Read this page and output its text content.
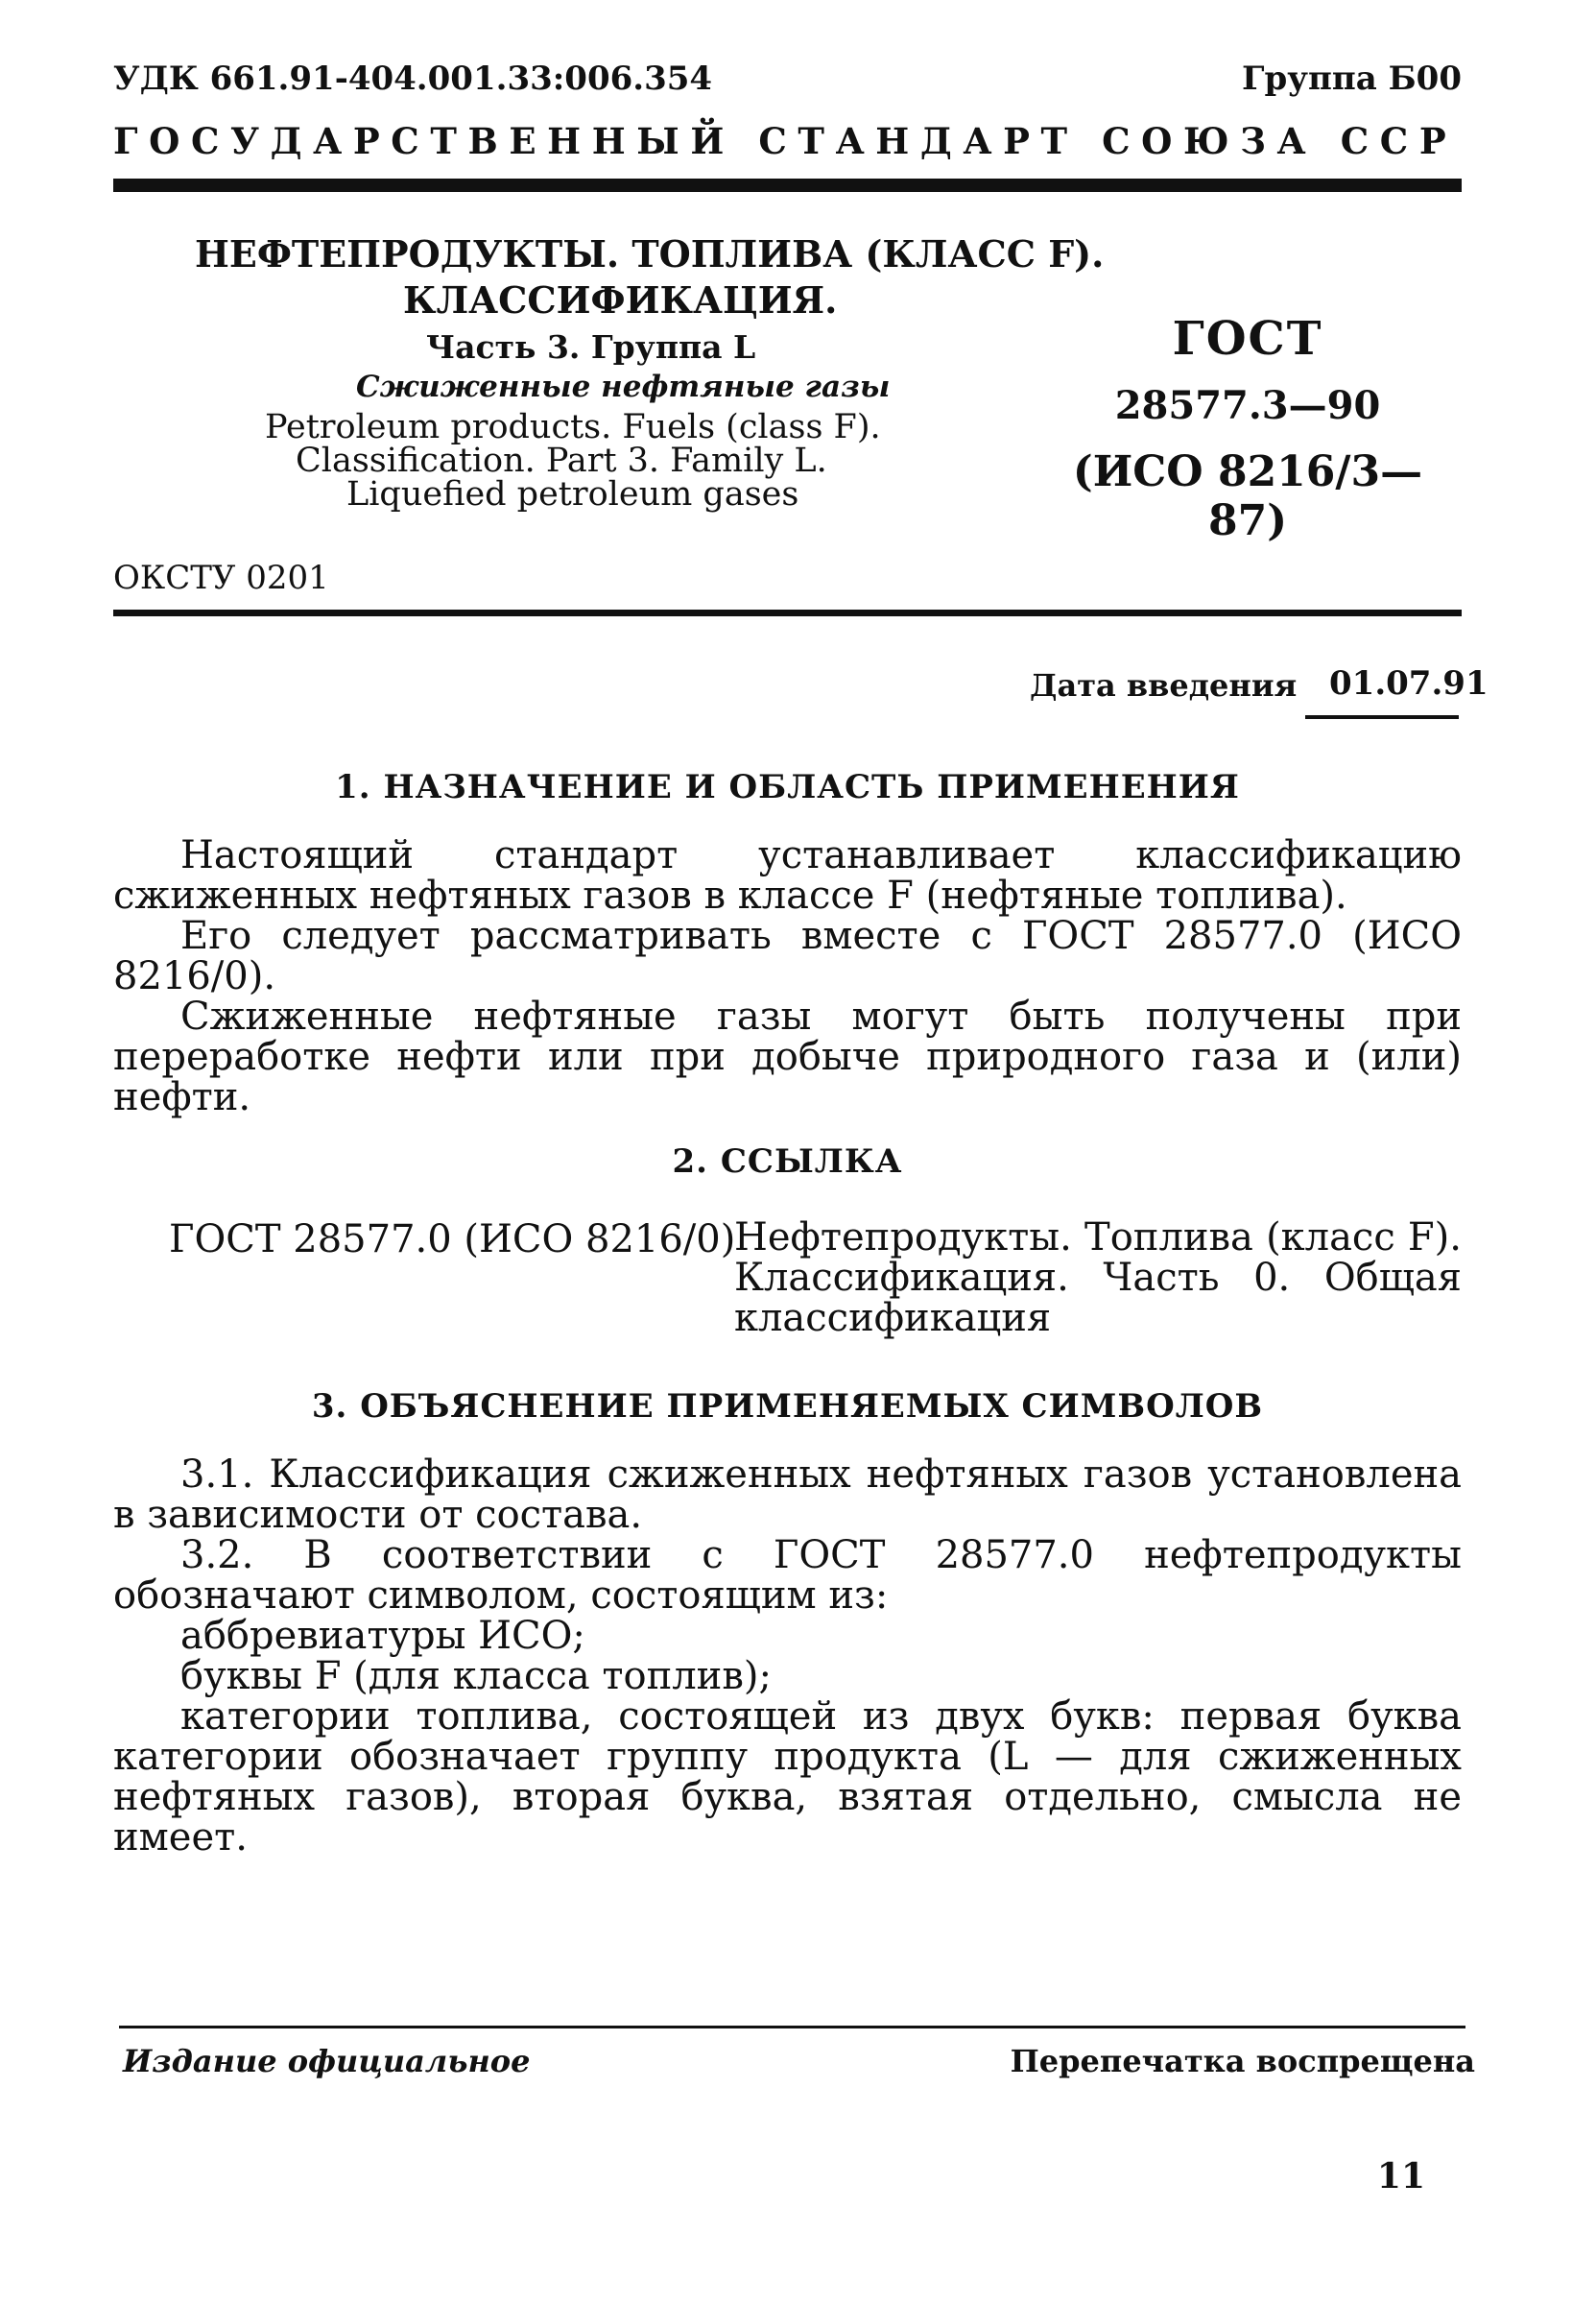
УДК 661.91-404.001.33:006.354	Группа Б00
ГОСУДАРСТВЕННЫЙ СТАНДАРТ СОЮЗА ССР
НЕФТЕПРОДУКТЫ. ТОПЛИВА (КЛАСС F).
КЛАССИФИКАЦИЯ.
Часть 3. Группа L
Сжиженные нефтяные газы
Petroleum products. Fuels (class F).
Classification. Part 3. Family L.
Liquefied petroleum gases
ГОСТ
28577.3—90
(ИСО 8216/3—87)
ОКСТУ 0201
Дата введения 01.07.91
1. НАЗНАЧЕНИЕ И ОБЛАСТЬ ПРИМЕНЕНИЯ

Настоящий стандарт устанавливает классификацию сжиженных нефтяных газов в классе F (нефтяные топлива).

Его следует рассматривать вместе с ГОСТ 28577.0 (ИСО 8216/0).

Сжиженные нефтяные газы могут быть получены при переработке нефти или при добыче природного газа и (или) нефти.

2. ССЫЛКА
ГОСТ 28577.0 (ИСО 8216/0)

Нефтепродукты. Топлива (класс F). Классификация. Часть 0. Общая классификация

3. ОБЪЯСНЕНИЕ ПРИМЕНЯЕМЫХ СИМВОЛОВ

3.1. Классификация сжиженных нефтяных газов установлена в зависимости от состава.

3.2. В соответствии с ГОСТ 28577.0 нефтепродукты обозначают символом, состоящим из:

аббревиатуры ИСО;

буквы F (для класса топлив);

категории топлива, состоящей из двух букв: первая буква категории обозначает группу продукта (L — для сжиженных нефтяных газов), вторая буква, взятая отдельно, смысла не имеет.

Издание официальное	Перепечатка воспрещена
11
